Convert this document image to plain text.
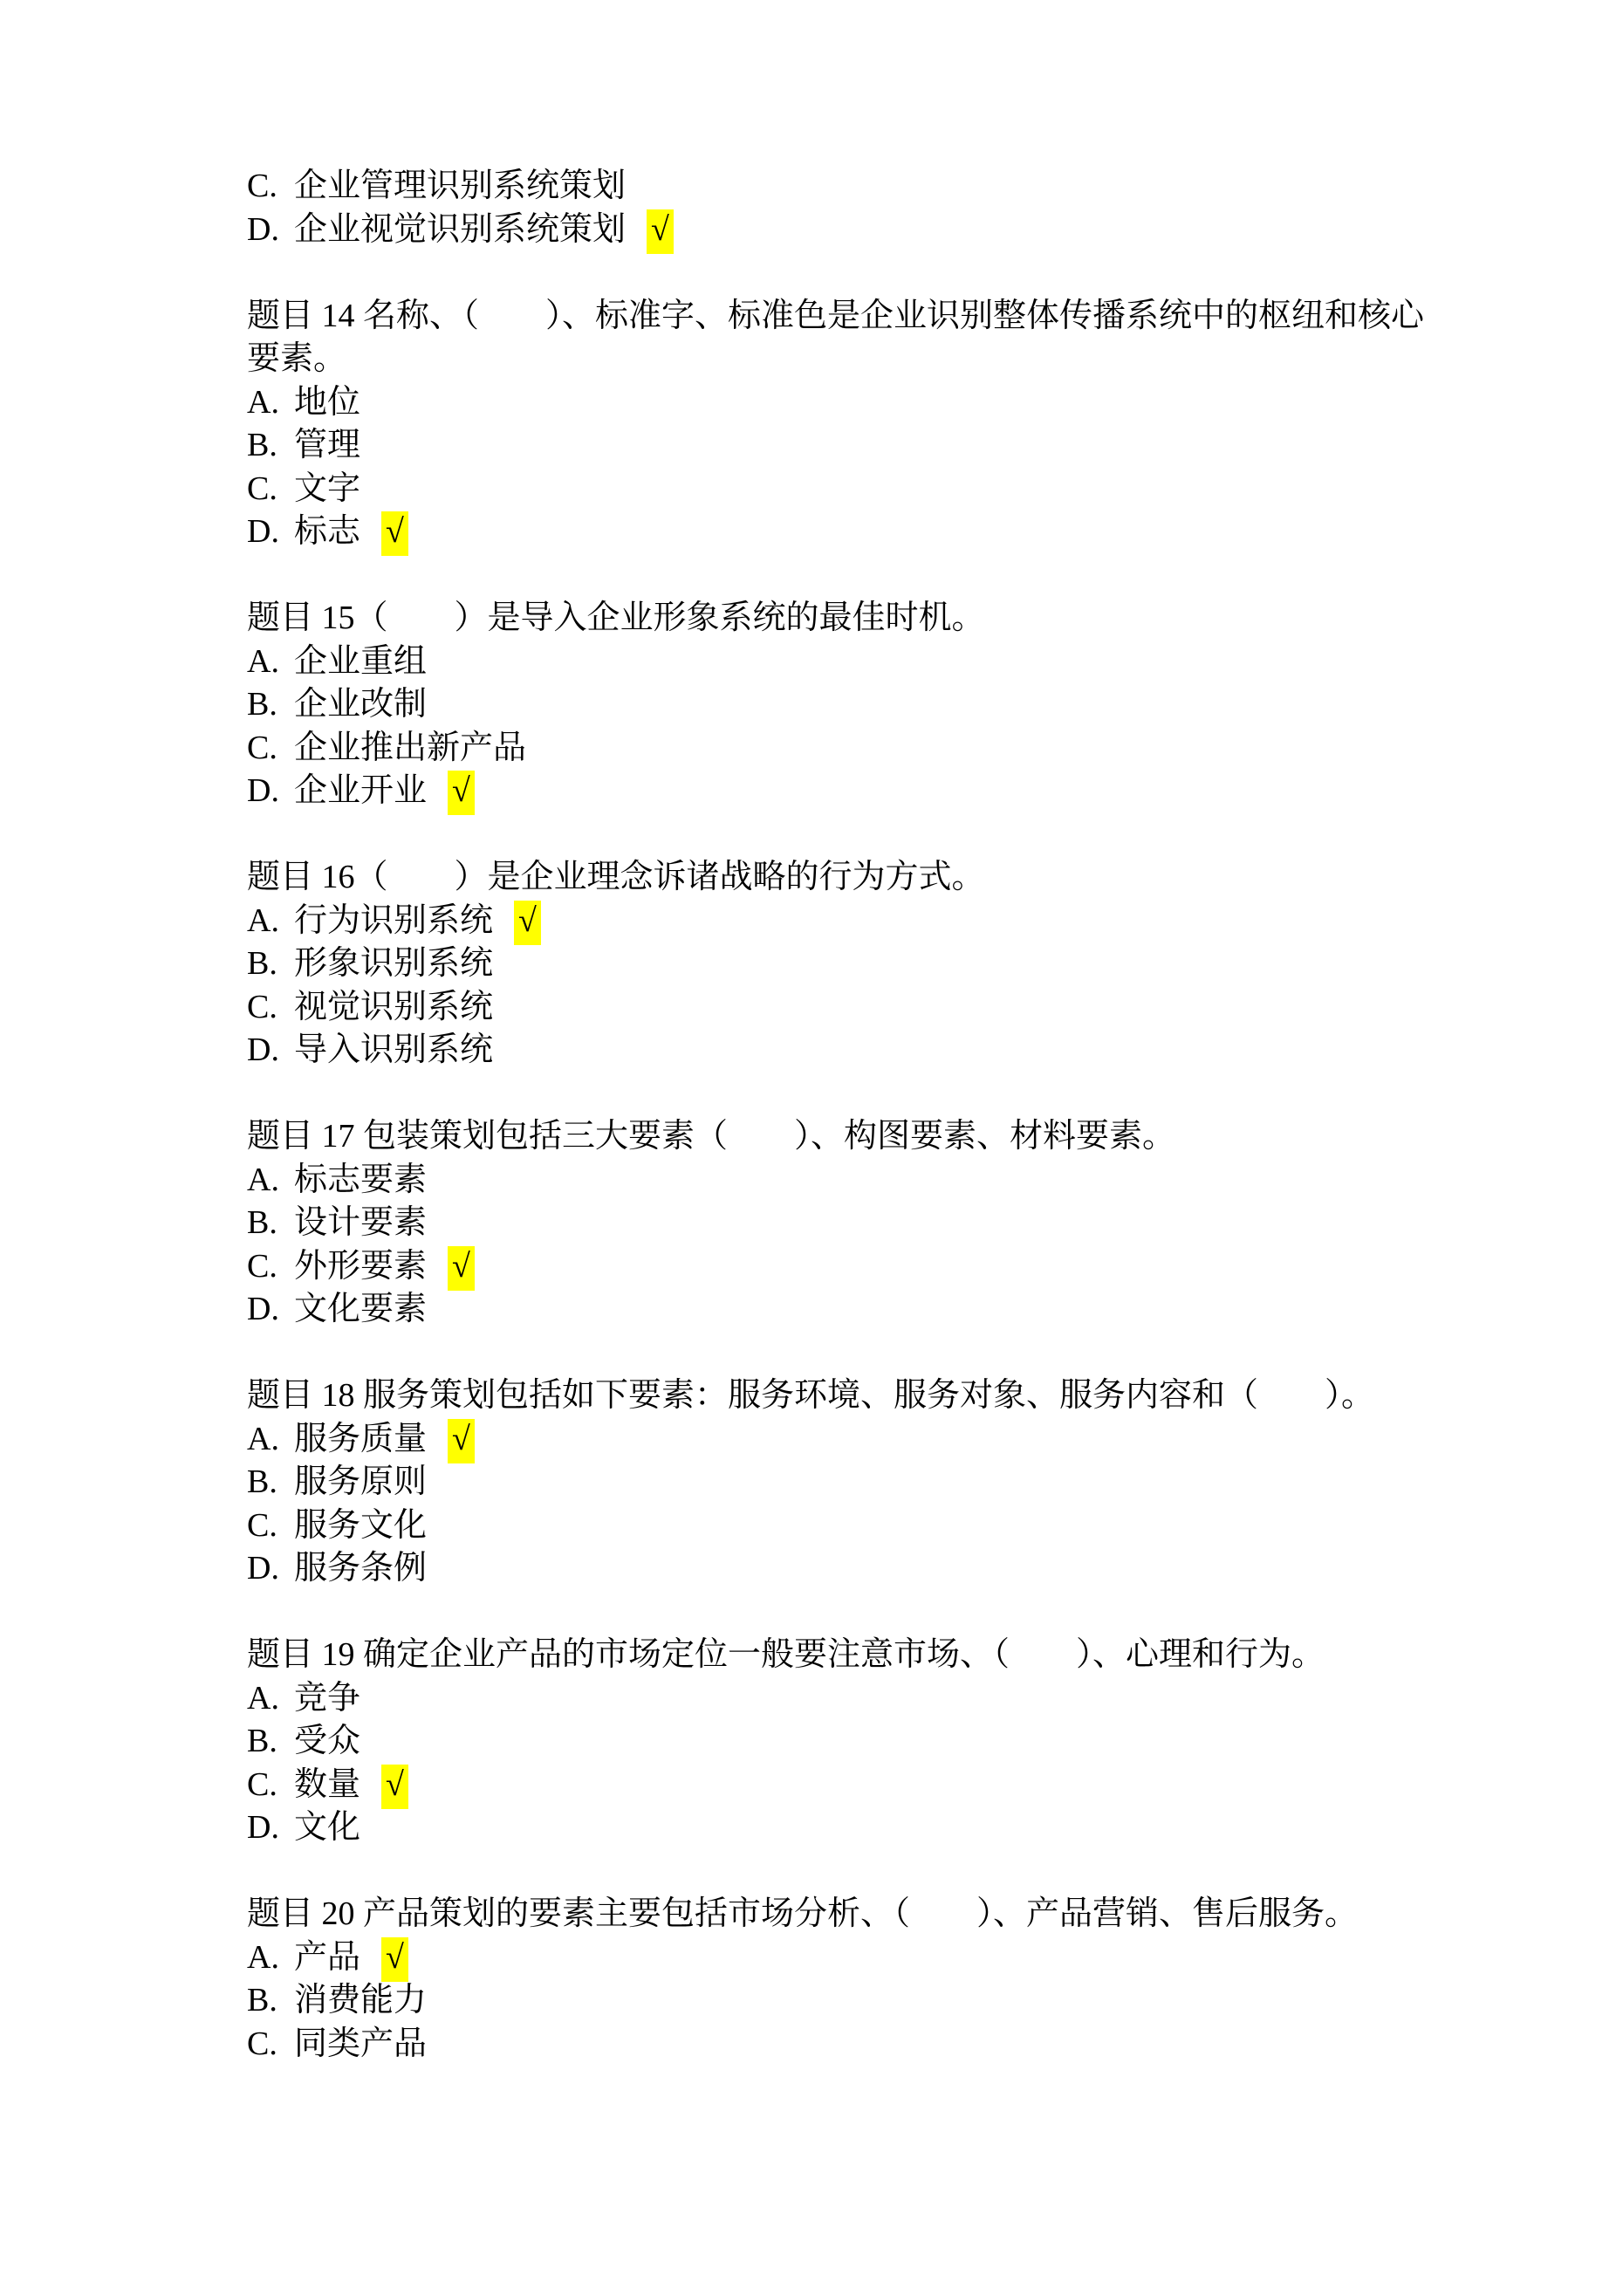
C. 企业管理识别系统策划
D. 企业视觉识别系统策划 √
题目 14 名称、（　　）、标准字、标准色是企业识别整体传播系统中的枢纽和核心
要素。
A. 地位
B. 管理
C. 文字
D. 标志 √
题目 15（　　）是导入企业形象系统的最佳时机。
A. 企业重组
B. 企业改制
C. 企业推出新产品
D. 企业开业 √
题目 16（　　）是企业理念诉诸战略的行为方式。
A. 行为识别系统 √
B. 形象识别系统
C. 视觉识别系统
D. 导入识别系统
题目 17 包装策划包括三大要素（　　）、构图要素、材料要素。
A. 标志要素
B. 设计要素
C. 外形要素 √
D. 文化要素
题目 18 服务策划包括如下要素：服务环境、服务对象、服务内容和（　　）。
A. 服务质量 √
B. 服务原则
C. 服务文化
D. 服务条例
题目 19 确定企业产品的市场定位一般要注意市场、（　　）、心理和行为。
A. 竞争
B. 受众
C. 数量 √
D. 文化
题目 20 产品策划的要素主要包括市场分析、（　　）、产品营销、售后服务。
A. 产品 √
B. 消费能力
C. 同类产品
